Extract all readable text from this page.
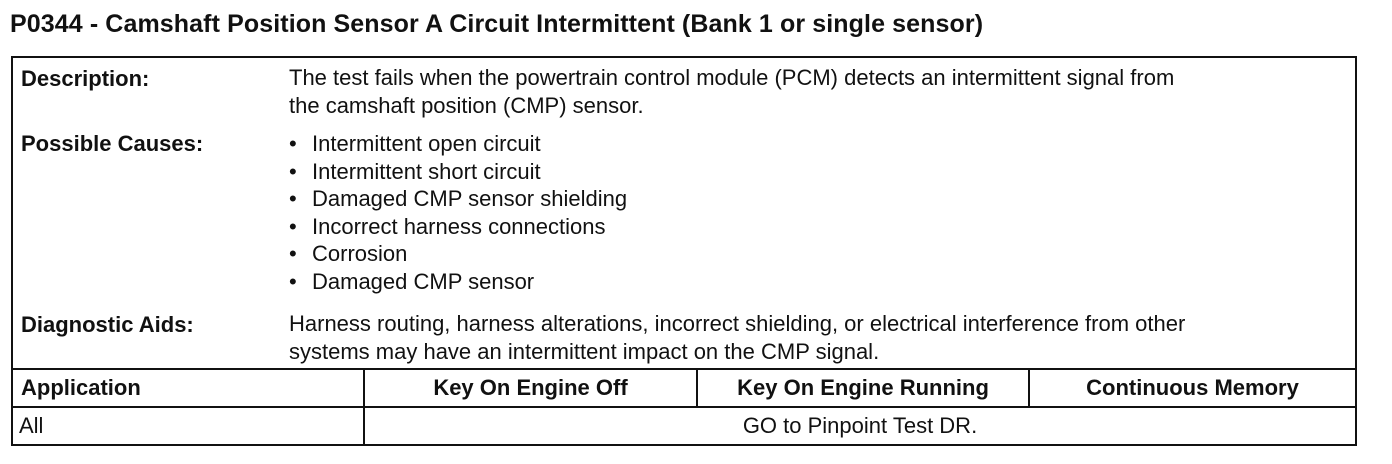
P0344 - Camshaft Position Sensor A Circuit Intermittent (Bank 1 or single sensor)
Description:	The test fails when the powertrain control module (PCM) detects an intermittent signal from
the camshaft position (CMP) sensor.
Possible Causes:
•	Intermittent open circuit
• Intermittent short circuit
• Damaged CMP sensor shielding
• Incorrect harness connections
• Corrosion
• Damaged CMP sensor
Diagnostic Aids:	Harness routing, harness alterations, incorrect shielding, or electrical interference from other
systems may have an intermittent impact on the CMP signal.
Application	Key On Engine Off	Key On Engine Running	Continuous Memory
All	GO to Pinpoint Test DR.
